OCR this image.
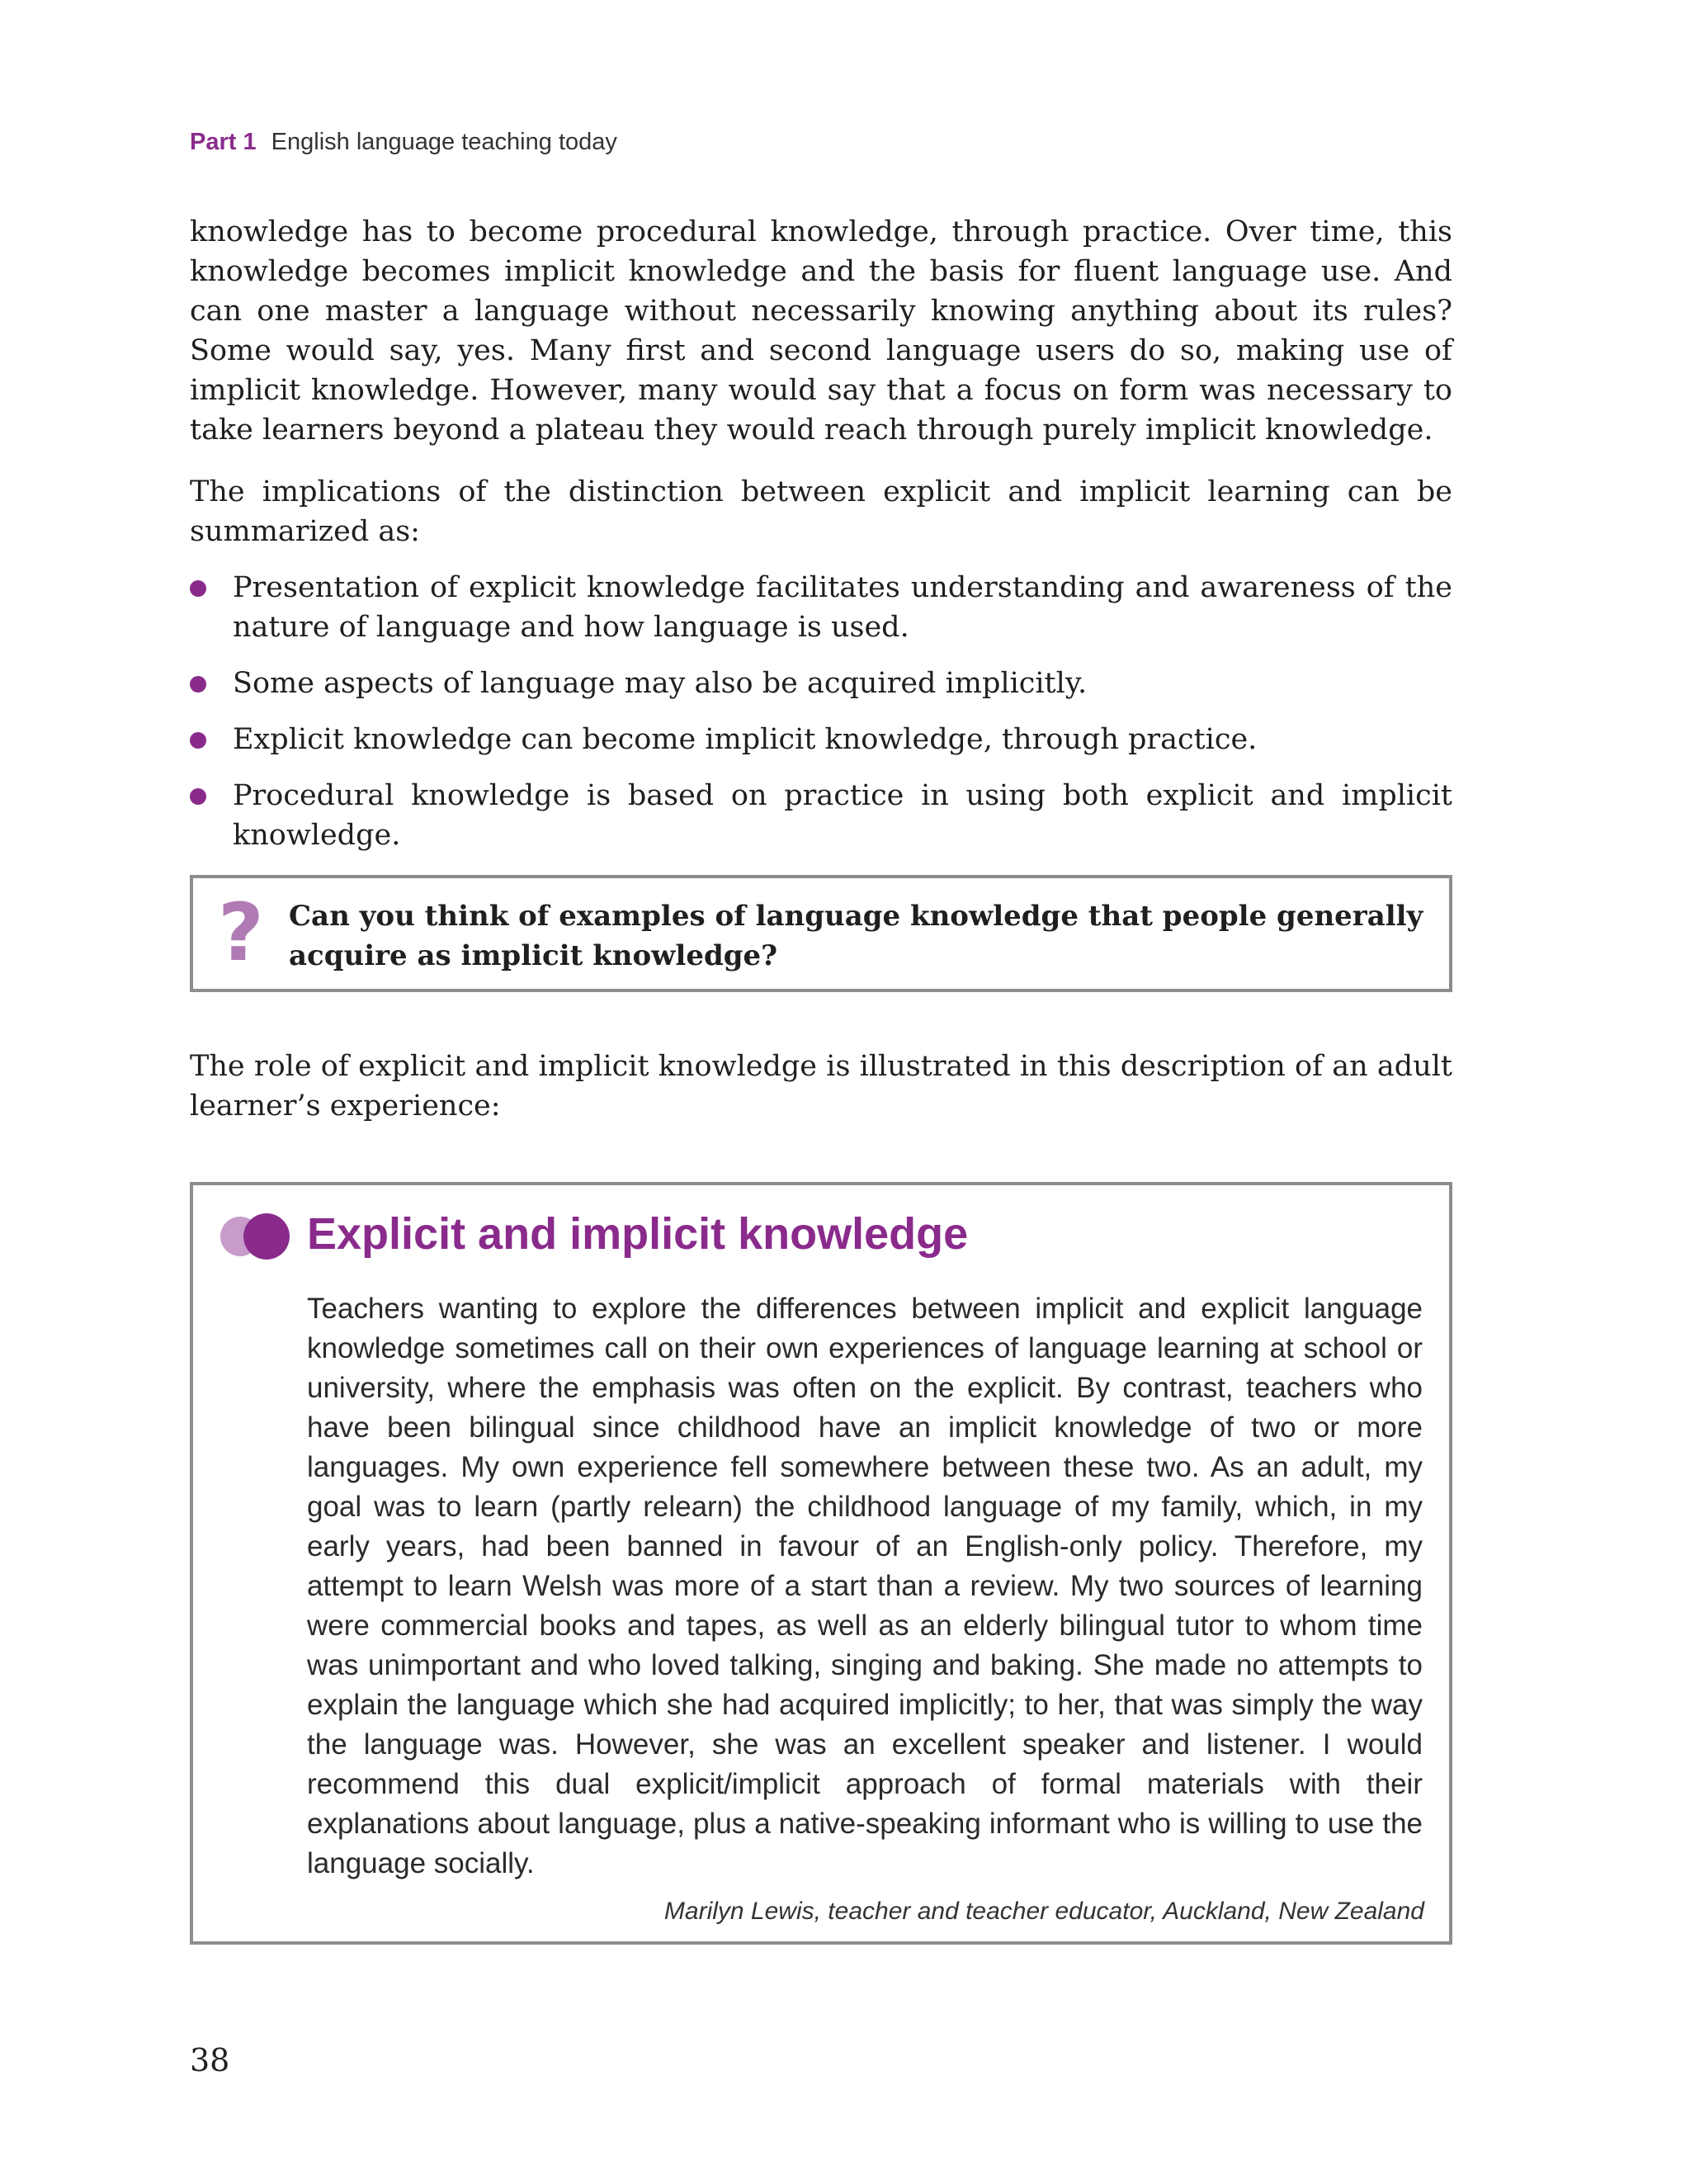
Part 1 English language teaching today

knowledge has to become procedural knowledge, through practice. Over time, this knowledge becomes implicit knowledge and the basis for fluent language use. And can one master a language without necessarily knowing anything about its rules? Some would say, yes. Many first and second language users do so, making use of implicit knowledge. However, many would say that a focus on form was necessary to take learners beyond a plateau they would reach through purely implicit knowledge.

The implications of the distinction between explicit and implicit learning can be summarized as:

Presentation of explicit knowledge facilitates understanding and awareness of the nature of language and how language is used.
Some aspects of language may also be acquired implicitly.
Explicit knowledge can become implicit knowledge, through practice.
Procedural knowledge is based on practice in using both explicit and implicit knowledge.
? Can you think of examples of language knowledge that people generally acquire as implicit knowledge?

The role of explicit and implicit knowledge is illustrated in this description of an adult learner’s experience:

Explicit and implicit knowledge

Teachers wanting to explore the differences between implicit and explicit language knowledge sometimes call on their own experiences of language learning at school or university, where the emphasis was often on the explicit. By contrast, teachers who have been bilingual since childhood have an implicit knowledge of two or more languages. My own experience fell somewhere between these two. As an adult, my goal was to learn (partly relearn) the childhood language of my family, which, in my early years, had been banned in favour of an English-only policy. Therefore, my attempt to learn Welsh was more of a start than a review. My two sources of learning were commercial books and tapes, as well as an elderly bilingual tutor to whom time was unimportant and who loved talking, singing and baking. She made no attempts to explain the language which she had acquired implicitly; to her, that was simply the way the language was. However, she was an excellent speaker and listener. I would recommend this dual explicit/implicit approach of formal materials with their explanations about language, plus a native-speaking informant who is willing to use the language socially.

Marilyn Lewis, teacher and teacher educator, Auckland, New Zealand

38
